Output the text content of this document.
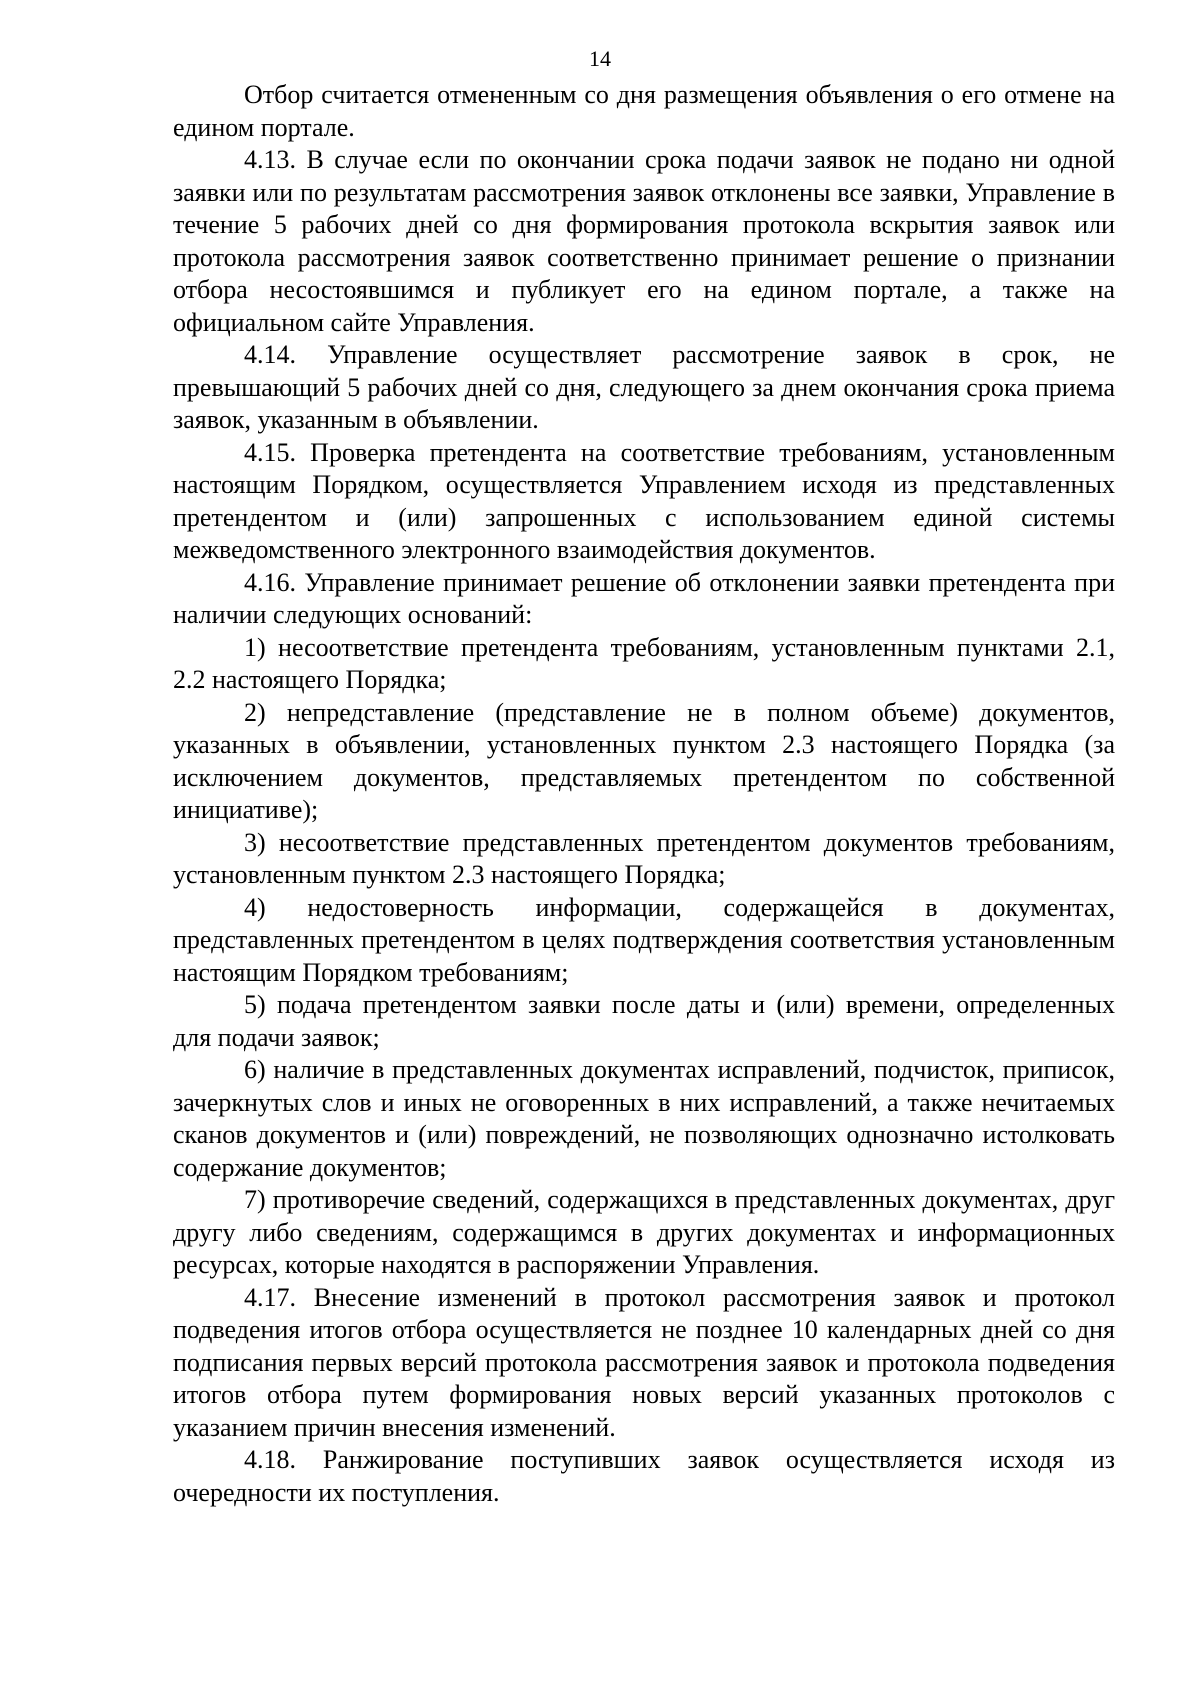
14

Отбор считается отмененным со дня размещения объявления о его отмене на едином портале.

4.13. В случае если по окончании срока подачи заявок не подано ни одной заявки или по результатам рассмотрения заявок отклонены все заявки, Управление в течение 5 рабочих дней со дня формирования протокола вскрытия заявок или протокола рассмотрения заявок соответственно принимает решение о признании отбора несостоявшимся и публикует его на едином портале, а также на официальном сайте Управления.

4.14. Управление осуществляет рассмотрение заявок в срок, не превышающий 5 рабочих дней со дня, следующего за днем окончания срока приема заявок, указанным в объявлении.

4.15. Проверка претендента на соответствие требованиям, установленным настоящим Порядком, осуществляется Управлением исходя из представленных претендентом и (или) запрошенных с использованием единой системы межведомственного электронного взаимодействия документов.

4.16. Управление принимает решение об отклонении заявки претендента при наличии следующих оснований:

1) несоответствие претендента требованиям, установленным пунктами 2.1, 2.2 настоящего Порядка;

2) непредставление (представление не в полном объеме) документов, указанных в объявлении, установленных пунктом 2.3 настоящего Порядка (за исключением документов, представляемых претендентом по собственной инициативе);

3) несоответствие представленных претендентом документов требованиям, установленным пунктом 2.3 настоящего Порядка;

4) недостоверность информации, содержащейся в документах, представленных претендентом в целях подтверждения соответствия установленным настоящим Порядком требованиям;

5) подача претендентом заявки после даты и (или) времени, определенных для подачи заявок;

6) наличие в представленных документах исправлений, подчисток, приписок, зачеркнутых слов и иных не оговоренных в них исправлений, а также нечитаемых сканов документов и (или) повреждений, не позволяющих однозначно истолковать содержание документов;

7) противоречие сведений, содержащихся в представленных документах, друг другу либо сведениям, содержащимся в других документах и информационных ресурсах, которые находятся в распоряжении Управления.

4.17. Внесение изменений в протокол рассмотрения заявок и протокол подведения итогов отбора осуществляется не позднее 10 календарных дней со дня подписания первых версий протокола рассмотрения заявок и протокола подведения итогов отбора путем формирования новых версий указанных протоколов с указанием причин внесения изменений.

4.18. Ранжирование поступивших заявок осуществляется исходя из очередности их поступления.
